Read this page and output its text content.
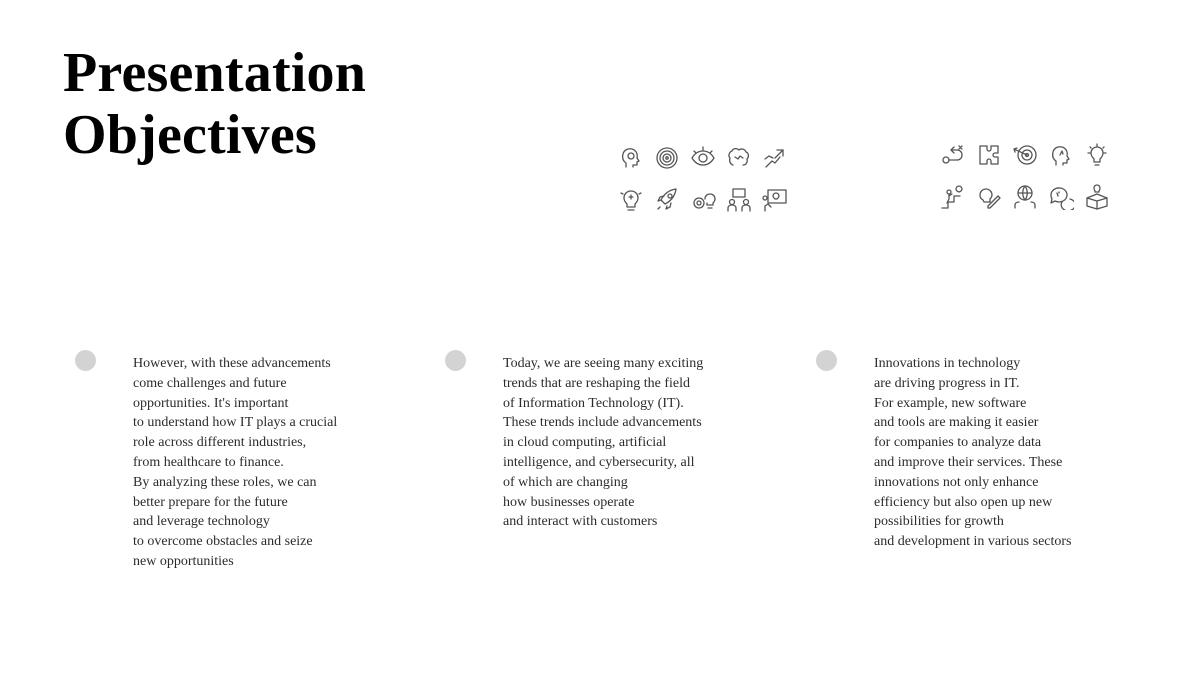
Presentation
Objectives
However, with these advancements
come challenges and future
opportunities. It's important
to understand how IT plays a crucial
role across different industries,
from healthcare to finance.
By analyzing these roles, we can
better prepare for the future
and leverage technology
to overcome obstacles and seize
new opportunities
Today, we are seeing many exciting
trends that are reshaping the field
of Information Technology (IT).
These trends include advancements
in cloud computing, artificial
intelligence, and cybersecurity, all
of which are changing
how businesses operate
and interact with customers
Innovations in technology
are driving progress in IT.
For example, new software
and tools are making it easier
for companies to analyze data
and improve their services. These
innovations not only enhance
efficiency but also open up new
possibilities for growth
and development in various sectors
